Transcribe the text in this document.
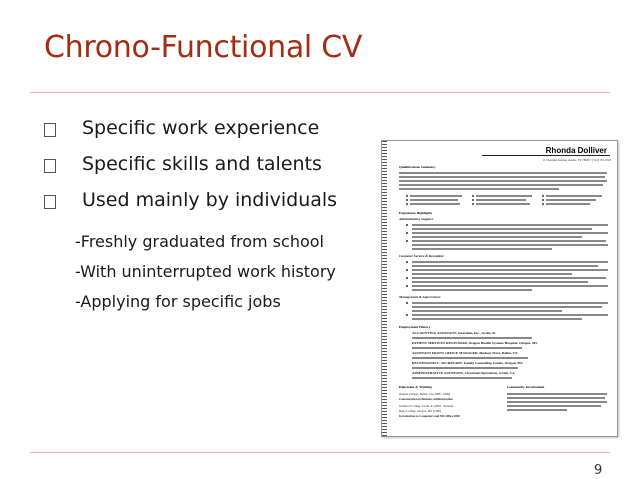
Chrono-Functional CV
Specific work experience
Specific skills and talents
Used mainly by individuals
-Freshly graduated from school
-With uninterrupted work history
-Applying for specific jobs
Rhonda Dolliver
11 Chestnut Avenue, Austin, TX 78665 • (512) 555-0543
Qualifications Summary
Experience Highlights
Administrative Support:
Customer Service & Reception:
Management & Supervision:
Employment History
ACCOUNTING ASSISTANT, Guardian, Inc., Grain, IL
PATIENT SERVICES REGISTRAR, Oregon Health Systems Hospital, Oregon, MS
ASSISTANT FRONT OFFICE MANAGER, Hudson Trust, Dallas, TX
RECEPTIONIST / SECRETARY, Family Counseling Center, Oregon, MS
ADMINISTRATIVE ASSISTANT, Cleveland Operations, Grain, CA
Education & Training	Community Involvement
Oregon College, Dallas, CA (1998 - 1999)
Concentration in Business Administration
Technical College, Grain, IL (2003 - Present)
Hugo College, Oregon, MS (1996)
Introduction to Computers and MS Office 2000
9
